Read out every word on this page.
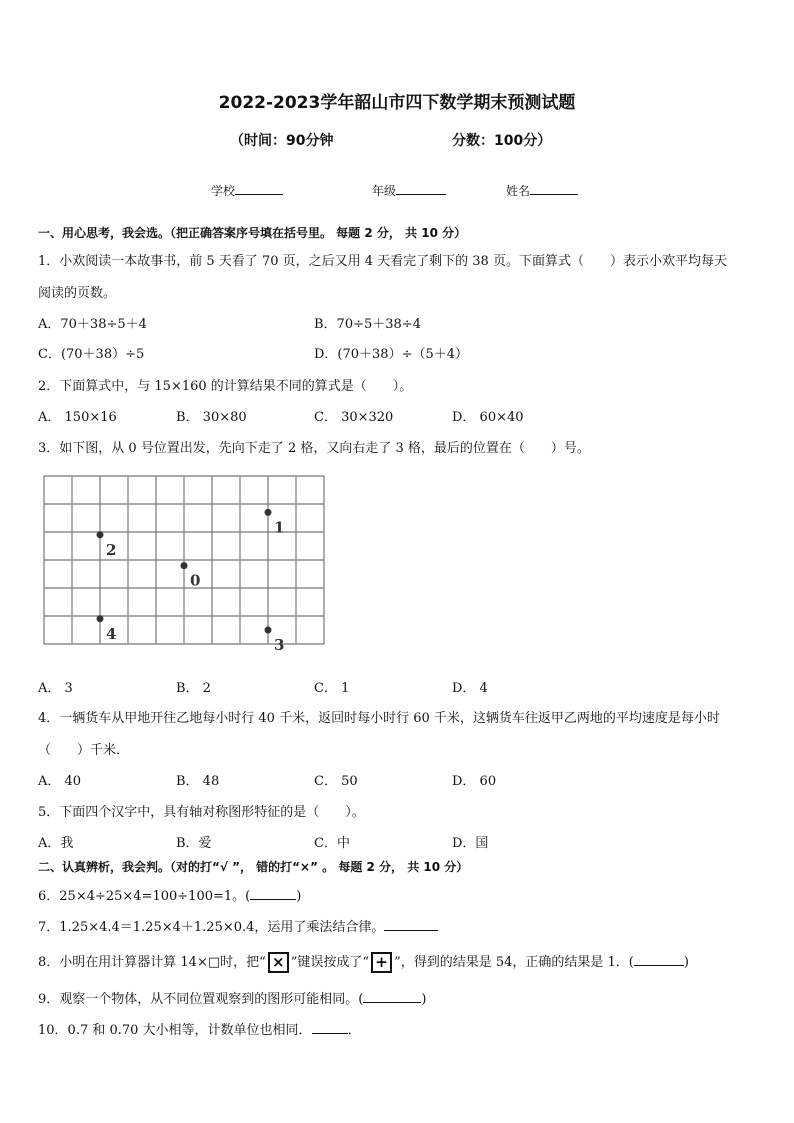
2022-2023学年韶山市四下数学期末预测试题
（时间：90分钟	分数：100分）
学校	年级	姓名
一、用心思考，我会选。（把正确答案序号填在括号里。 每题 2 分， 共 10 分）
1．小欢阅读一本故事书，前 5 天看了 70 页，之后又用 4 天看完了剩下的 38 页。下面算式（　　）表示小欢平均每天
阅读的页数。
A．70＋38÷5＋4	B．70÷5＋38÷4
C．(70＋38）÷5	D．(70＋38）÷（5＋4）
2．下面算式中，与 15×160 的计算结果不同的算式是（　　）。
A． 150×16	B． 30×80	C． 30×320	D． 60×40
3．如下图，从 0 号位置出发，先向下走了 2 格，又向右走了 3 格，最后的位置在（　　）号。
1
2
0
4
3
A． 3	B． 2	C． 1	D． 4
4．一辆货车从甲地开往乙地每小时行 40 千米，返回时每小时行 60 千米，这辆货车往返甲乙两地的平均速度是每小时
（　　）千米．
A． 40	B． 48	C． 50	D． 60
5．下面四个汉字中，具有轴对称图形特征的是（　　）。
A．我	B．爱	C．中	D．国
二、认真辨析，我会判。（对的打“√ ”， 错的打“×” 。 每题 2 分， 共 10 分）
6．25×4÷25×4=100÷100=1。(	)
7．1.25×4.4＝1.25×4＋1.25×0.4，运用了乘法结合律。
8．小明在用计算器计算 14×□时，把“ × ”键误按成了“ + ”，得到的结果是 54，正确的结果是 1．(	)
9．观察一个物体，从不同位置观察到的图形可能相同。(	)
10．0.7 和 0.70 大小相等，计数单位也相同．	．
